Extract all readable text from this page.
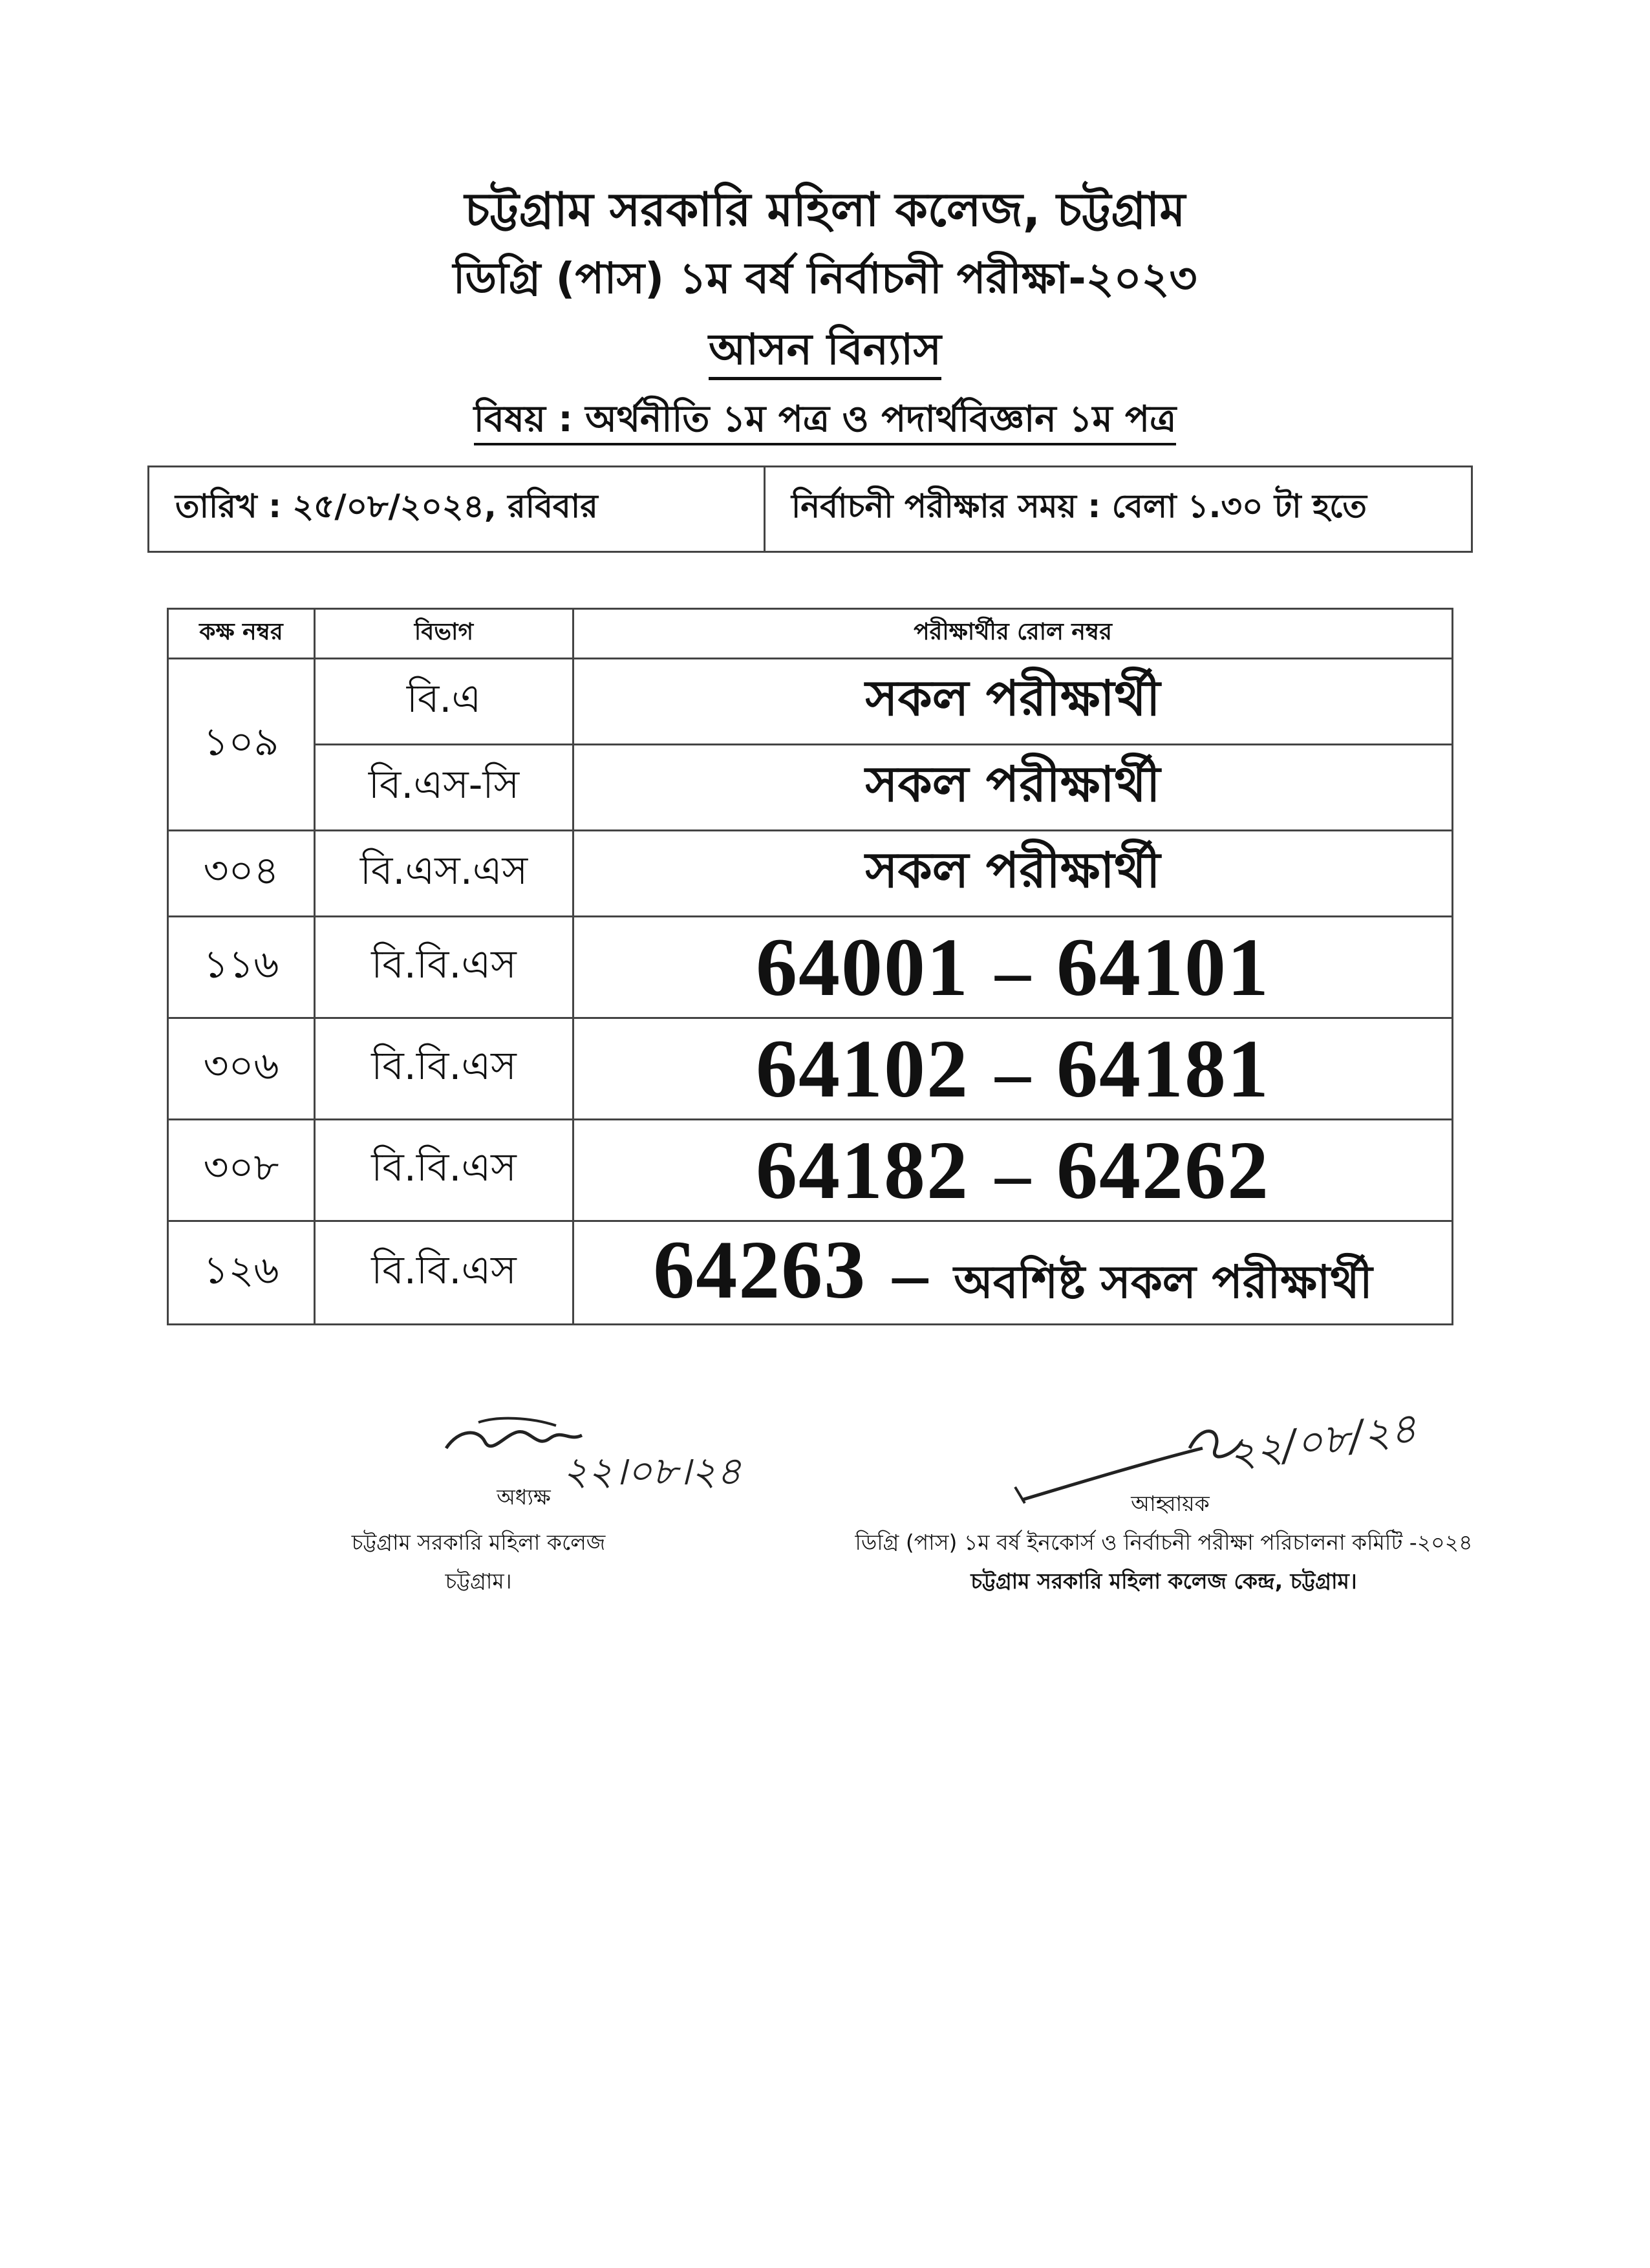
চট্টগ্রাম সরকারি মহিলা কলেজ, চট্টগ্রাম
ডিগ্রি (পাস) ১ম বর্ষ নির্বাচনী পরীক্ষা-২০২৩
আসন বিন্যাস
বিষয় : অর্থনীতি ১ম পত্র ও পদার্থবিজ্ঞান ১ম পত্র
তারিখ : ২৫/০৮/২০২৪, রবিবার	নির্বাচনী পরীক্ষার সময় : বেলা ১.৩০ টা হতে
কক্ষ নম্বর	বিভাগ	পরীক্ষার্থীর রোল নম্বর
১০৯	বি.এ	সকল পরীক্ষার্থী
	বি.এস-সি	সকল পরীক্ষার্থী
৩০৪	বি.এস.এস	সকল পরীক্ষার্থী
১১৬	বি.বি.এস	64001 – 64101
৩০৬	বি.বি.এস	64102 – 64181
৩০৮	বি.বি.এস	64182 – 64262
১২৬	বি.বি.এস	64263 – অবশিষ্ট সকল পরীক্ষার্থী
২২।০৮।২৪
অধ্যক্ষ
চট্টগ্রাম সরকারি মহিলা কলেজ
চট্টগ্রাম।
২২/০৮/২৪
আহ্বায়ক
ডিগ্রি (পাস) ১ম বর্ষ ইনকোর্স ও নির্বাচনী পরীক্ষা পরিচালনা কমিটি -২০২৪
চট্টগ্রাম সরকারি মহিলা কলেজ কেন্দ্র, চট্টগ্রাম।
